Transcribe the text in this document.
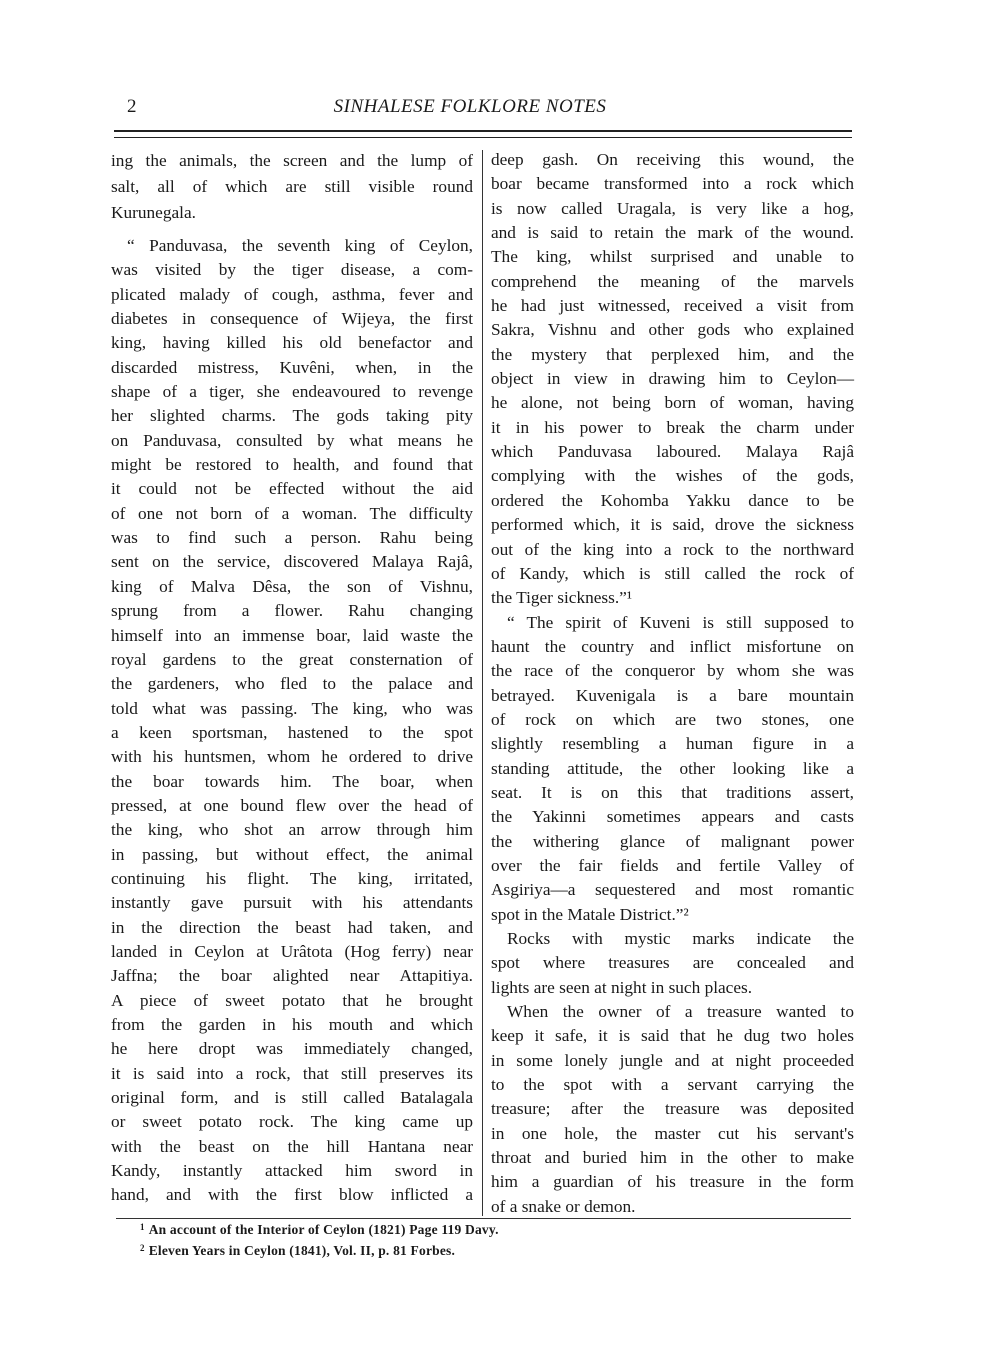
2	SINHALESE FOLKLORE NOTES
ing the animals, the screen and the lump of
salt, all of which are still visible round
Kurunegala.
“ Panduvasa, the seventh king of Ceylon,
was visited by the tiger disease, a com-
plicated malady of cough, asthma, fever and
diabetes in consequence of Wijeya, the first
king, having killed his old benefactor and
discarded mistress, Kuvêni, when, in the
shape of a tiger, she endeavoured to revenge
her slighted charms. The gods taking pity
on Panduvasa, consulted by what means he
might be restored to health, and found that
it could not be effected without the aid
of one not born of a woman. The difficulty
was to find such a person. Rahu being
sent on the service, discovered Malaya Rajâ,
king of Malva Dêsa, the son of Vishnu,
sprung from a flower. Rahu changing
himself into an immense boar, laid waste the
royal gardens to the great consternation of
the gardeners, who fled to the palace and
told what was passing. The king, who was
a keen sportsman, hastened to the spot
with his huntsmen, whom he ordered to drive
the boar towards him. The boar, when
pressed, at one bound flew over the head of
the king, who shot an arrow through him
in passing, but without effect, the animal
continuing his flight. The king, irritated,
instantly gave pursuit with his attendants
in the direction the beast had taken, and
landed in Ceylon at Urâtota (Hog ferry) near
Jaffna; the boar alighted near Attapitiya.
A piece of sweet potato that he brought
from the garden in his mouth and which
he here dropt was immediately changed,
it is said into a rock, that still preserves its
original form, and is still called Batalagala
or sweet potato rock. The king came up
with the beast on the hill Hantana near
Kandy, instantly attacked him sword in
hand, and with the first blow inflicted a
deep gash. On receiving this wound, the
boar became transformed into a rock which
is now called Uragala, is very like a hog,
and is said to retain the mark of the wound.
The king, whilst surprised and unable to
comprehend the meaning of the marvels
he had just witnessed, received a visit from
Sakra, Vishnu and other gods who explained
the mystery that perplexed him, and the
object in view in drawing him to Ceylon—
he alone, not being born of woman, having
it in his power to break the charm under
which Panduvasa laboured. Malaya Rajâ
complying with the wishes of the gods,
ordered the Kohomba Yakku dance to be
performed which, it is said, drove the sickness
out of the king into a rock to the northward
of Kandy, which is still called the rock of
the Tiger sickness.”¹
“ The spirit of Kuveni is still supposed to
haunt the country and inflict misfortune on
the race of the conqueror by whom she was
betrayed. Kuvenigala is a bare mountain
of rock on which are two stones, one
slightly resembling a human figure in a
standing attitude, the other looking like a
seat. It is on this that traditions assert,
the Yakinni sometimes appears and casts
the withering glance of malignant power
over the fair fields and fertile Valley of
Asgiriya—a sequestered and most romantic
spot in the Matale District.”²
Rocks with mystic marks indicate the
spot where treasures are concealed and
lights are seen at night in such places.
When the owner of a treasure wanted to
keep it safe, it is said that he dug two holes
in some lonely jungle and at night proceeded
to the spot with a servant carrying the
treasure; after the treasure was deposited
in one hole, the master cut his servant's
throat and buried him in the other to make
him a guardian of his treasure in the form
of a snake or demon.
$^1$ An account of the Interior of Ceylon (1821) Page 119 Davy.
$^2$ Eleven Years in Ceylon (1841), Vol. II, p. 81 Forbes.
